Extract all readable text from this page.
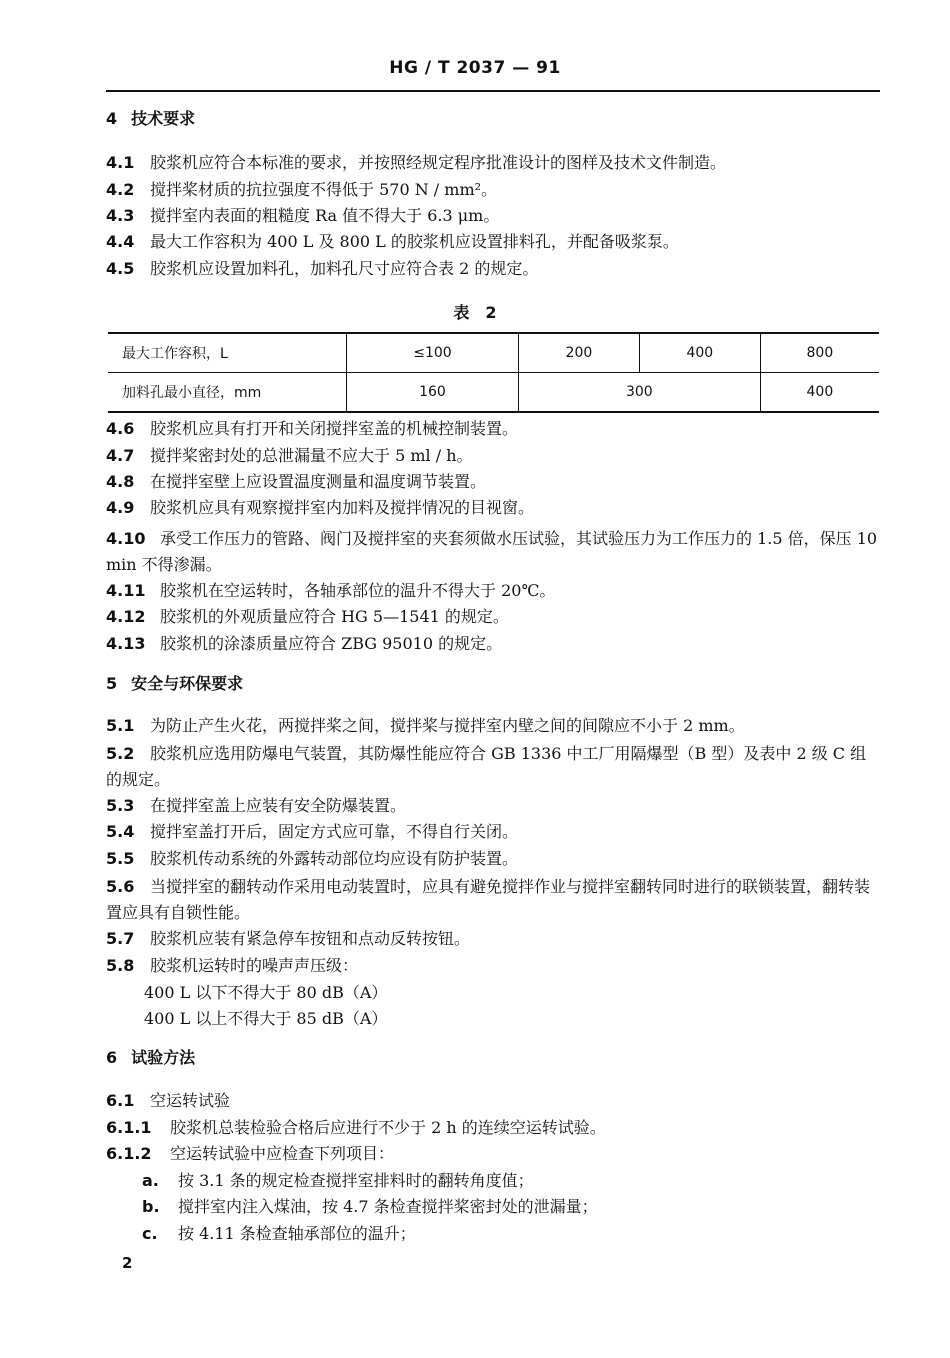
HG / T 2037 — 91
4 技术要求
4.1 胶浆机应符合本标准的要求，并按照经规定程序批准设计的图样及技术文件制造。
4.2 搅拌桨材质的抗拉强度不得低于 570 N / mm²。
4.3 搅拌室内表面的粗糙度 Ra 值不得大于 6.3 μm。
4.4 最大工作容积为 400 L 及 800 L 的胶浆机应设置排料孔，并配备吸浆泵。
4.5 胶浆机应设置加料孔，加料孔尺寸应符合表 2 的规定。
表　2
最大工作容积，L	≤100	200	400	800
加料孔最小直径，mm	160	300		400
4.6 胶浆机应具有打开和关闭搅拌室盖的机械控制装置。
4.7 搅拌桨密封处的总泄漏量不应大于 5 ml / h。
4.8 在搅拌室壁上应设置温度测量和温度调节装置。
4.9 胶浆机应具有观察搅拌室内加料及搅拌情况的目视窗。
4.10 承受工作压力的管路、阀门及搅拌室的夹套须做水压试验，其试验压力为工作压力的 1.5 倍，保压 10 min 不得渗漏。
4.11 胶浆机在空运转时，各轴承部位的温升不得大于 20℃。
4.12 胶浆机的外观质量应符合 HG 5—1541 的规定。
4.13 胶浆机的涂漆质量应符合 ZBG 95010 的规定。
5 安全与环保要求
5.1 为防止产生火花，两搅拌桨之间，搅拌桨与搅拌室内壁之间的间隙应不小于 2 mm。
5.2 胶浆机应选用防爆电气装置，其防爆性能应符合 GB 1336 中工厂用隔爆型（B 型）及表中 2 级 C 组的规定。
5.3 在搅拌室盖上应装有安全防爆装置。
5.4 搅拌室盖打开后，固定方式应可靠，不得自行关闭。
5.5 胶浆机传动系统的外露转动部位均应设有防护装置。
5.6 当搅拌室的翻转动作采用电动装置时，应具有避免搅拌作业与搅拌室翻转同时进行的联锁装置，翻转装置应具有自锁性能。
5.7 胶浆机应装有紧急停车按钮和点动反转按钮。
5.8 胶浆机运转时的噪声声压级：
400 L 以下不得大于 80 dB（A）
400 L 以上不得大于 85 dB（A）
6 试验方法
6.1 空运转试验
6.1.1 胶浆机总装检验合格后应进行不少于 2 h 的连续空运转试验。
6.1.2 空运转试验中应检查下列项目：
a. 按 3.1 条的规定检查搅拌室排料时的翻转角度值；
b. 搅拌室内注入煤油，按 4.7 条检查搅拌桨密封处的泄漏量；
c. 按 4.11 条检查轴承部位的温升；
2
